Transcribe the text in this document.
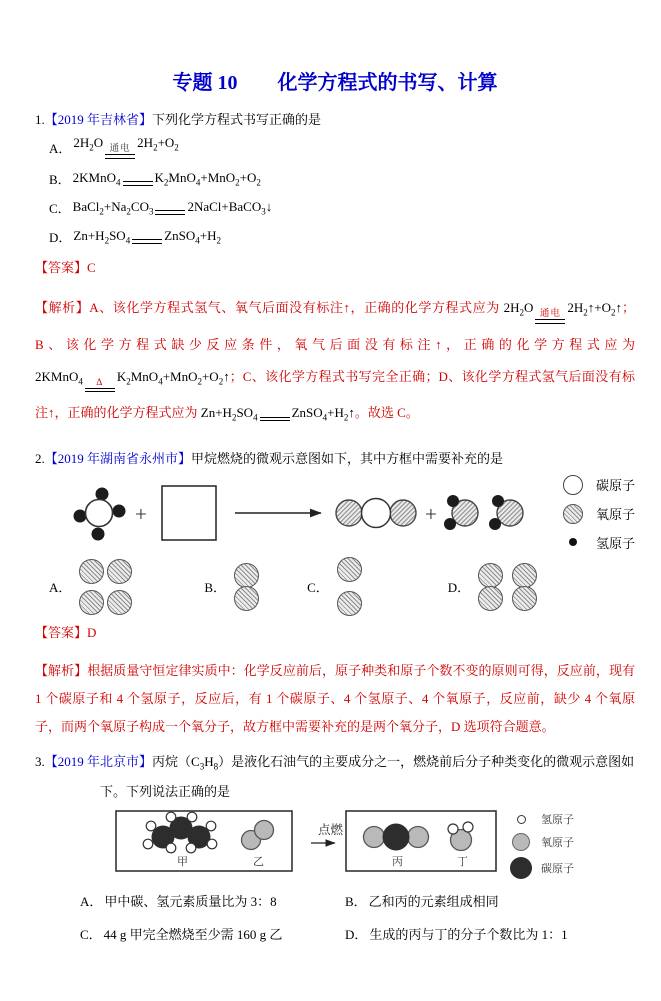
专题 10　　化学方程式的书写、计算

1.【2019 年吉林省】下列化学方程式书写正确的是

A． $2H_2O$ 通电 $2H_2+O_2$
B． 2KMnO$_4$	$K_2MnO_4+MnO_2+O_2$
C． $BaCl_2+Na_2CO_3$	2NaCl+BaCO$_3$↓
D． $Zn+H_2SO_4$	$ZnSO_4+H_2$

【答案】C

【解析】A、该化学方程式氢气、氧气后面没有标注↑，正确的化学方程式应为 $2H_2O$ 通电 $2H_2↑+O_2↑$；B、该化学方程式缺少反应条件，氧气后面没有标注↑，正确的化学方程式应为 2KMnO$_4$ Δ $K_2MnO_4+MnO_2+O_2↑$；C、该化学方程式书写完全正确；D、该化学方程式氢气后面没有标注↑，正确的化学方程式应为 $Zn+H_2SO_4$	$ZnSO_4+H_2↑$。故选 C。

2.【2019 年湖南省永州市】甲烷燃烧的微观示意图如下，其中方框中需要补充的是

+	+
碳原子
氧原子
氢原子
A．	B．	C．	D．

【答案】D

【解析】根据质量守恒定律实质中：化学反应前后，原子种类和原子个数不变的原则可得，反应前，现有 1 个碳原子和 4 个氢原子，反应后，有 1 个碳原子、4 个氢原子、4 个氧原子，反应前，缺少 4 个氧原子，而两个氧原子构成一个氧分子，故方框中需要补充的是两个氧分子，D 选项符合题意。

3.【2019 年北京市】丙烷$(C_3H_8)$是液化石油气的主要成分之一，燃烧前后分子种类变化的微观示意图如下。下列说法正确的是

甲	乙
点燃
丙	丁
氢原子
氧原子
碳原子
A． 甲中碳、氢元素质量比为 3：8	B． 乙和丙的元素组成相同
C． 44 g 甲完全燃烧至少需 160 g 乙	D． 生成的丙与丁的分子个数比为 1：1
